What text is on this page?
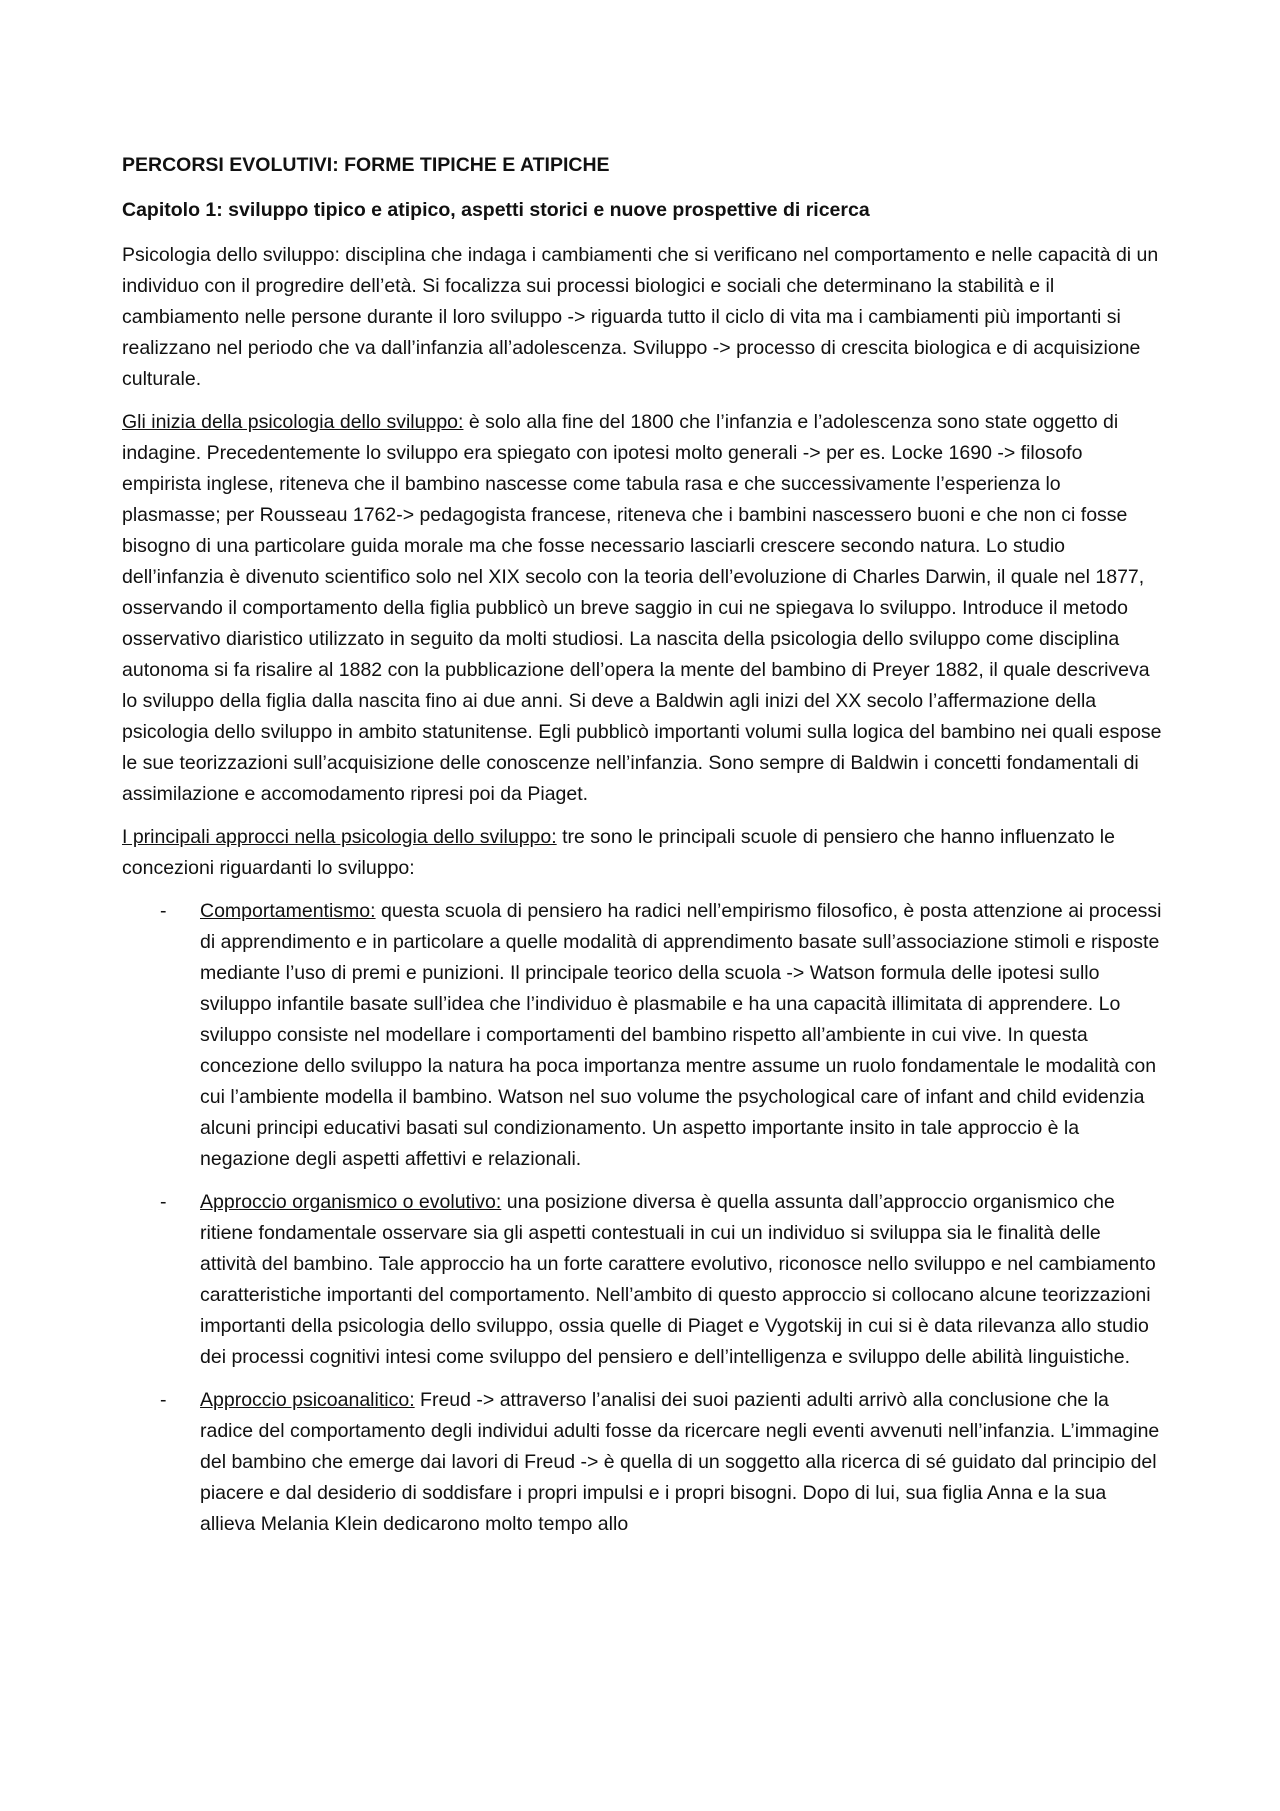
PERCORSI EVOLUTIVI: FORME TIPICHE E ATIPICHE

Capitolo 1: sviluppo tipico e atipico, aspetti storici e nuove prospettive di ricerca

Psicologia dello sviluppo: disciplina che indaga i cambiamenti che si verificano nel comportamento e nelle capacità di un individuo con il progredire dell’età. Si focalizza sui processi biologici e sociali che determinano la stabilità e il cambiamento nelle persone durante il loro sviluppo -> riguarda tutto il ciclo di vita ma i cambiamenti più importanti si realizzano nel periodo che va dall’infanzia all’adolescenza. Sviluppo -> processo di crescita biologica e di acquisizione culturale.

Gli inizia della psicologia dello sviluppo: è solo alla fine del 1800 che l’infanzia e l’adolescenza sono state oggetto di indagine. Precedentemente lo sviluppo era spiegato con ipotesi molto generali -> per es. Locke 1690 -> filosofo empirista inglese, riteneva che il bambino nascesse come tabula rasa e che successivamente l’esperienza lo plasmasse; per Rousseau 1762-> pedagogista francese, riteneva che i bambini nascessero buoni e che non ci fosse bisogno di una particolare guida morale ma che fosse necessario lasciarli crescere secondo natura. Lo studio dell’infanzia è divenuto scientifico solo nel XIX secolo con la teoria dell’evoluzione di Charles Darwin, il quale nel 1877, osservando il comportamento della figlia pubblicò un breve saggio in cui ne spiegava lo sviluppo. Introduce il metodo osservativo diaristico utilizzato in seguito da molti studiosi. La nascita della psicologia dello sviluppo come disciplina autonoma si fa risalire al 1882 con la pubblicazione dell’opera la mente del bambino di Preyer 1882, il quale descriveva lo sviluppo della figlia dalla nascita fino ai due anni. Si deve a Baldwin agli inizi del XX secolo l’affermazione della psicologia dello sviluppo in ambito statunitense. Egli pubblicò importanti volumi sulla logica del bambino nei quali espose le sue teorizzazioni sull’acquisizione delle conoscenze nell’infanzia. Sono sempre di Baldwin i concetti fondamentali di assimilazione e accomodamento ripresi poi da Piaget.

I principali approcci nella psicologia dello sviluppo: tre sono le principali scuole di pensiero che hanno influenzato le concezioni riguardanti lo sviluppo:

- Comportamentismo: questa scuola di pensiero ha radici nell’empirismo filosofico, è posta attenzione ai processi di apprendimento e in particolare a quelle modalità di apprendimento basate sull’associazione stimoli e risposte mediante l’uso di premi e punizioni. Il principale teorico della scuola -> Watson formula delle ipotesi sullo sviluppo infantile basate sull’idea che l’individuo è plasmabile e ha una capacità illimitata di apprendere. Lo sviluppo consiste nel modellare i comportamenti del bambino rispetto all’ambiente in cui vive. In questa concezione dello sviluppo la natura ha poca importanza mentre assume un ruolo fondamentale le modalità con cui l’ambiente modella il bambino. Watson nel suo volume the psychological care of infant and child evidenzia alcuni principi educativi basati sul condizionamento. Un aspetto importante insito in tale approccio è la negazione degli aspetti affettivi e relazionali.
- Approccio organismico o evolutivo: una posizione diversa è quella assunta dall’approccio organismico che ritiene fondamentale osservare sia gli aspetti contestuali in cui un individuo si sviluppa sia le finalità delle attività del bambino. Tale approccio ha un forte carattere evolutivo, riconosce nello sviluppo e nel cambiamento caratteristiche importanti del comportamento. Nell’ambito di questo approccio si collocano alcune teorizzazioni importanti della psicologia dello sviluppo, ossia quelle di Piaget e Vygotskij in cui si è data rilevanza allo studio dei processi cognitivi intesi come sviluppo del pensiero e dell’intelligenza e sviluppo delle abilità linguistiche.
- Approccio psicoanalitico: Freud -> attraverso l’analisi dei suoi pazienti adulti arrivò alla conclusione che la radice del comportamento degli individui adulti fosse da ricercare negli eventi avvenuti nell’infanzia. L’immagine del bambino che emerge dai lavori di Freud -> è quella di un soggetto alla ricerca di sé guidato dal principio del piacere e dal desiderio di soddisfare i propri impulsi e i propri bisogni. Dopo di lui, sua figlia Anna e la sua allieva Melania Klein dedicarono molto tempo allo
